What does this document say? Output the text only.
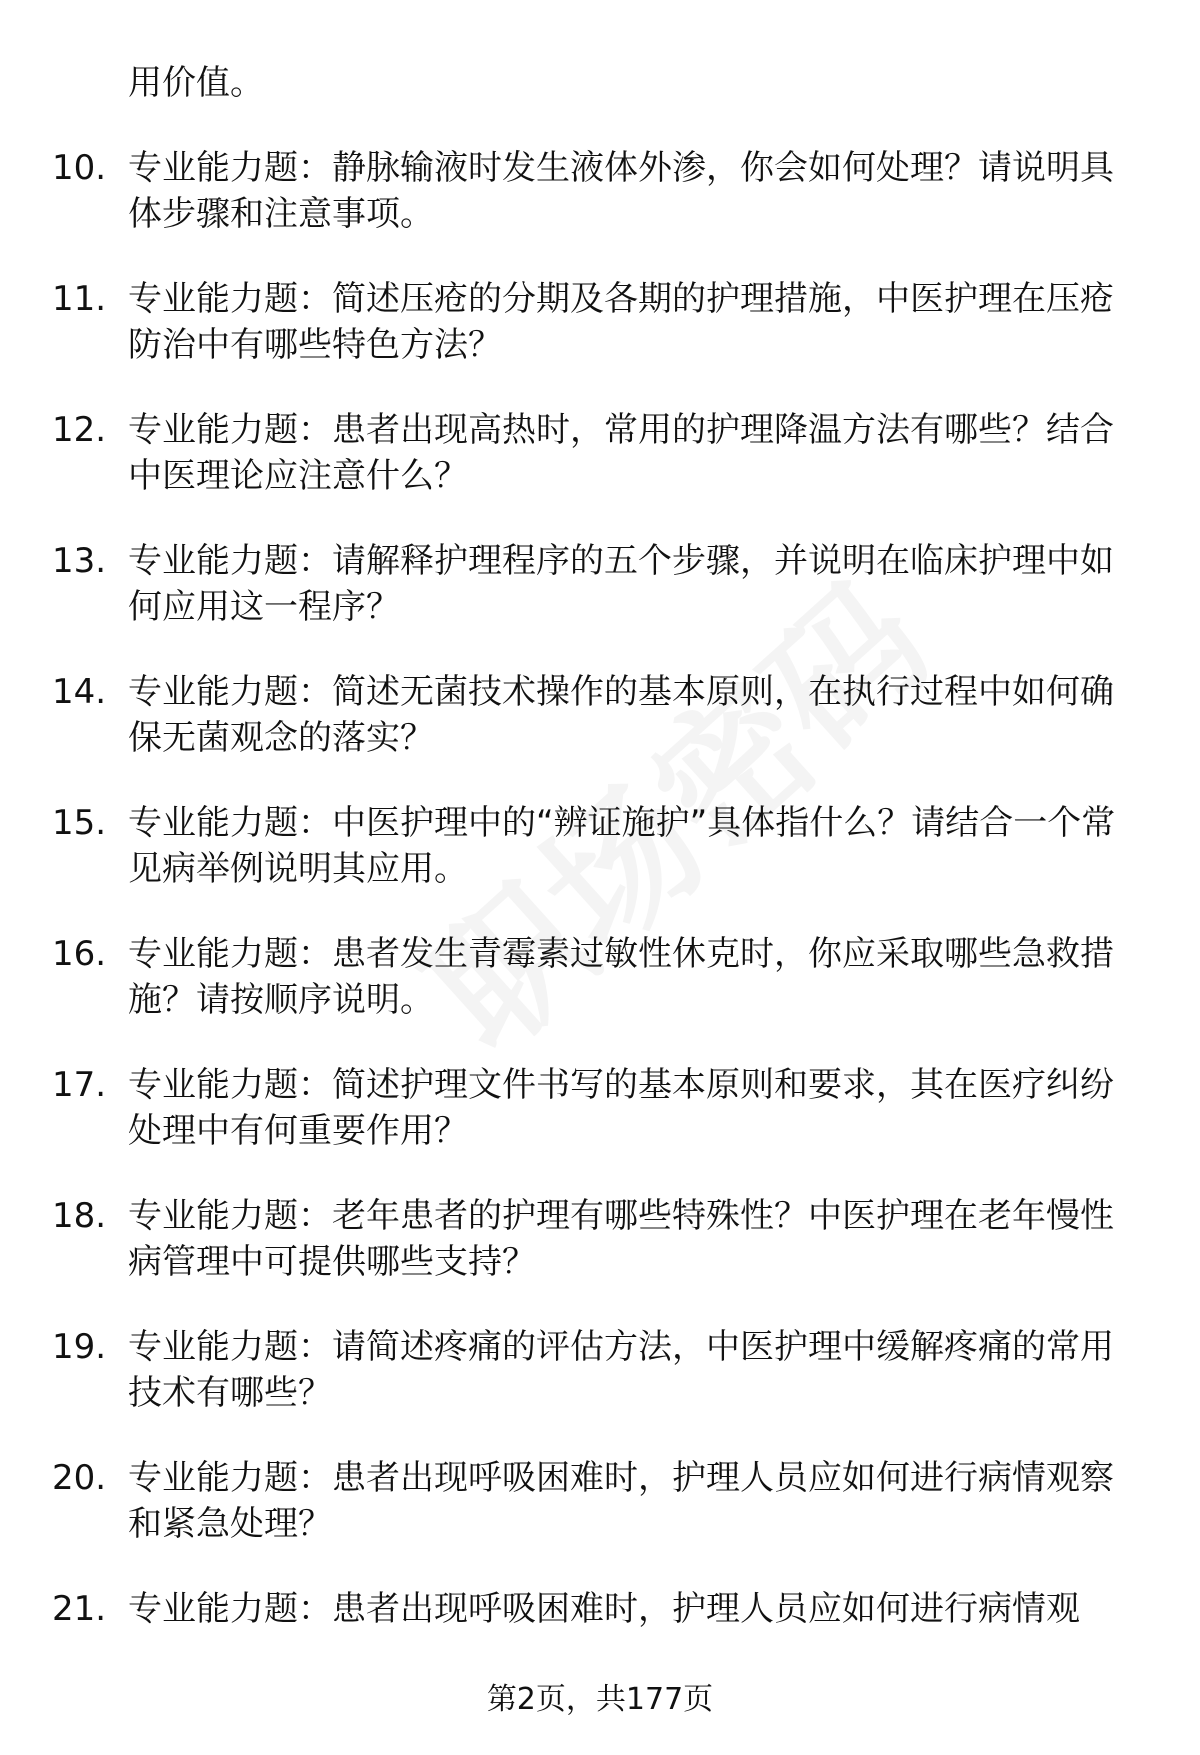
用价值。
10. 专业能力题：静脉输液时发生液体外渗，你会如何处理？请说明具体步骤和注意事项。
11. 专业能力题：简述压疮的分期及各期的护理措施，中医护理在压疮防治中有哪些特色方法？
12. 专业能力题：患者出现高热时，常用的护理降温方法有哪些？结合中医理论应注意什么？
13. 专业能力题：请解释护理程序的五个步骤，并说明在临床护理中如何应用这一程序？
14. 专业能力题：简述无菌技术操作的基本原则，在执行过程中如何确保无菌观念的落实？
15. 专业能力题：中医护理中的“辨证施护”具体指什么？请结合一个常见病举例说明其应用。
16. 专业能力题：患者发生青霉素过敏性休克时，你应采取哪些急救措施？请按顺序说明。
17. 专业能力题：简述护理文件书写的基本原则和要求，其在医疗纠纷处理中有何重要作用？
18. 专业能力题：老年患者的护理有哪些特殊性？中医护理在老年慢性病管理中可提供哪些支持？
19. 专业能力题：请简述疼痛的评估方法，中医护理中缓解疼痛的常用技术有哪些？
20. 专业能力题：患者出现呼吸困难时，护理人员应如何进行病情观察和紧急处理？
21. 专业能力题：患者出现呼吸困难时，护理人员应如何进行病情观
第2页，共177页
